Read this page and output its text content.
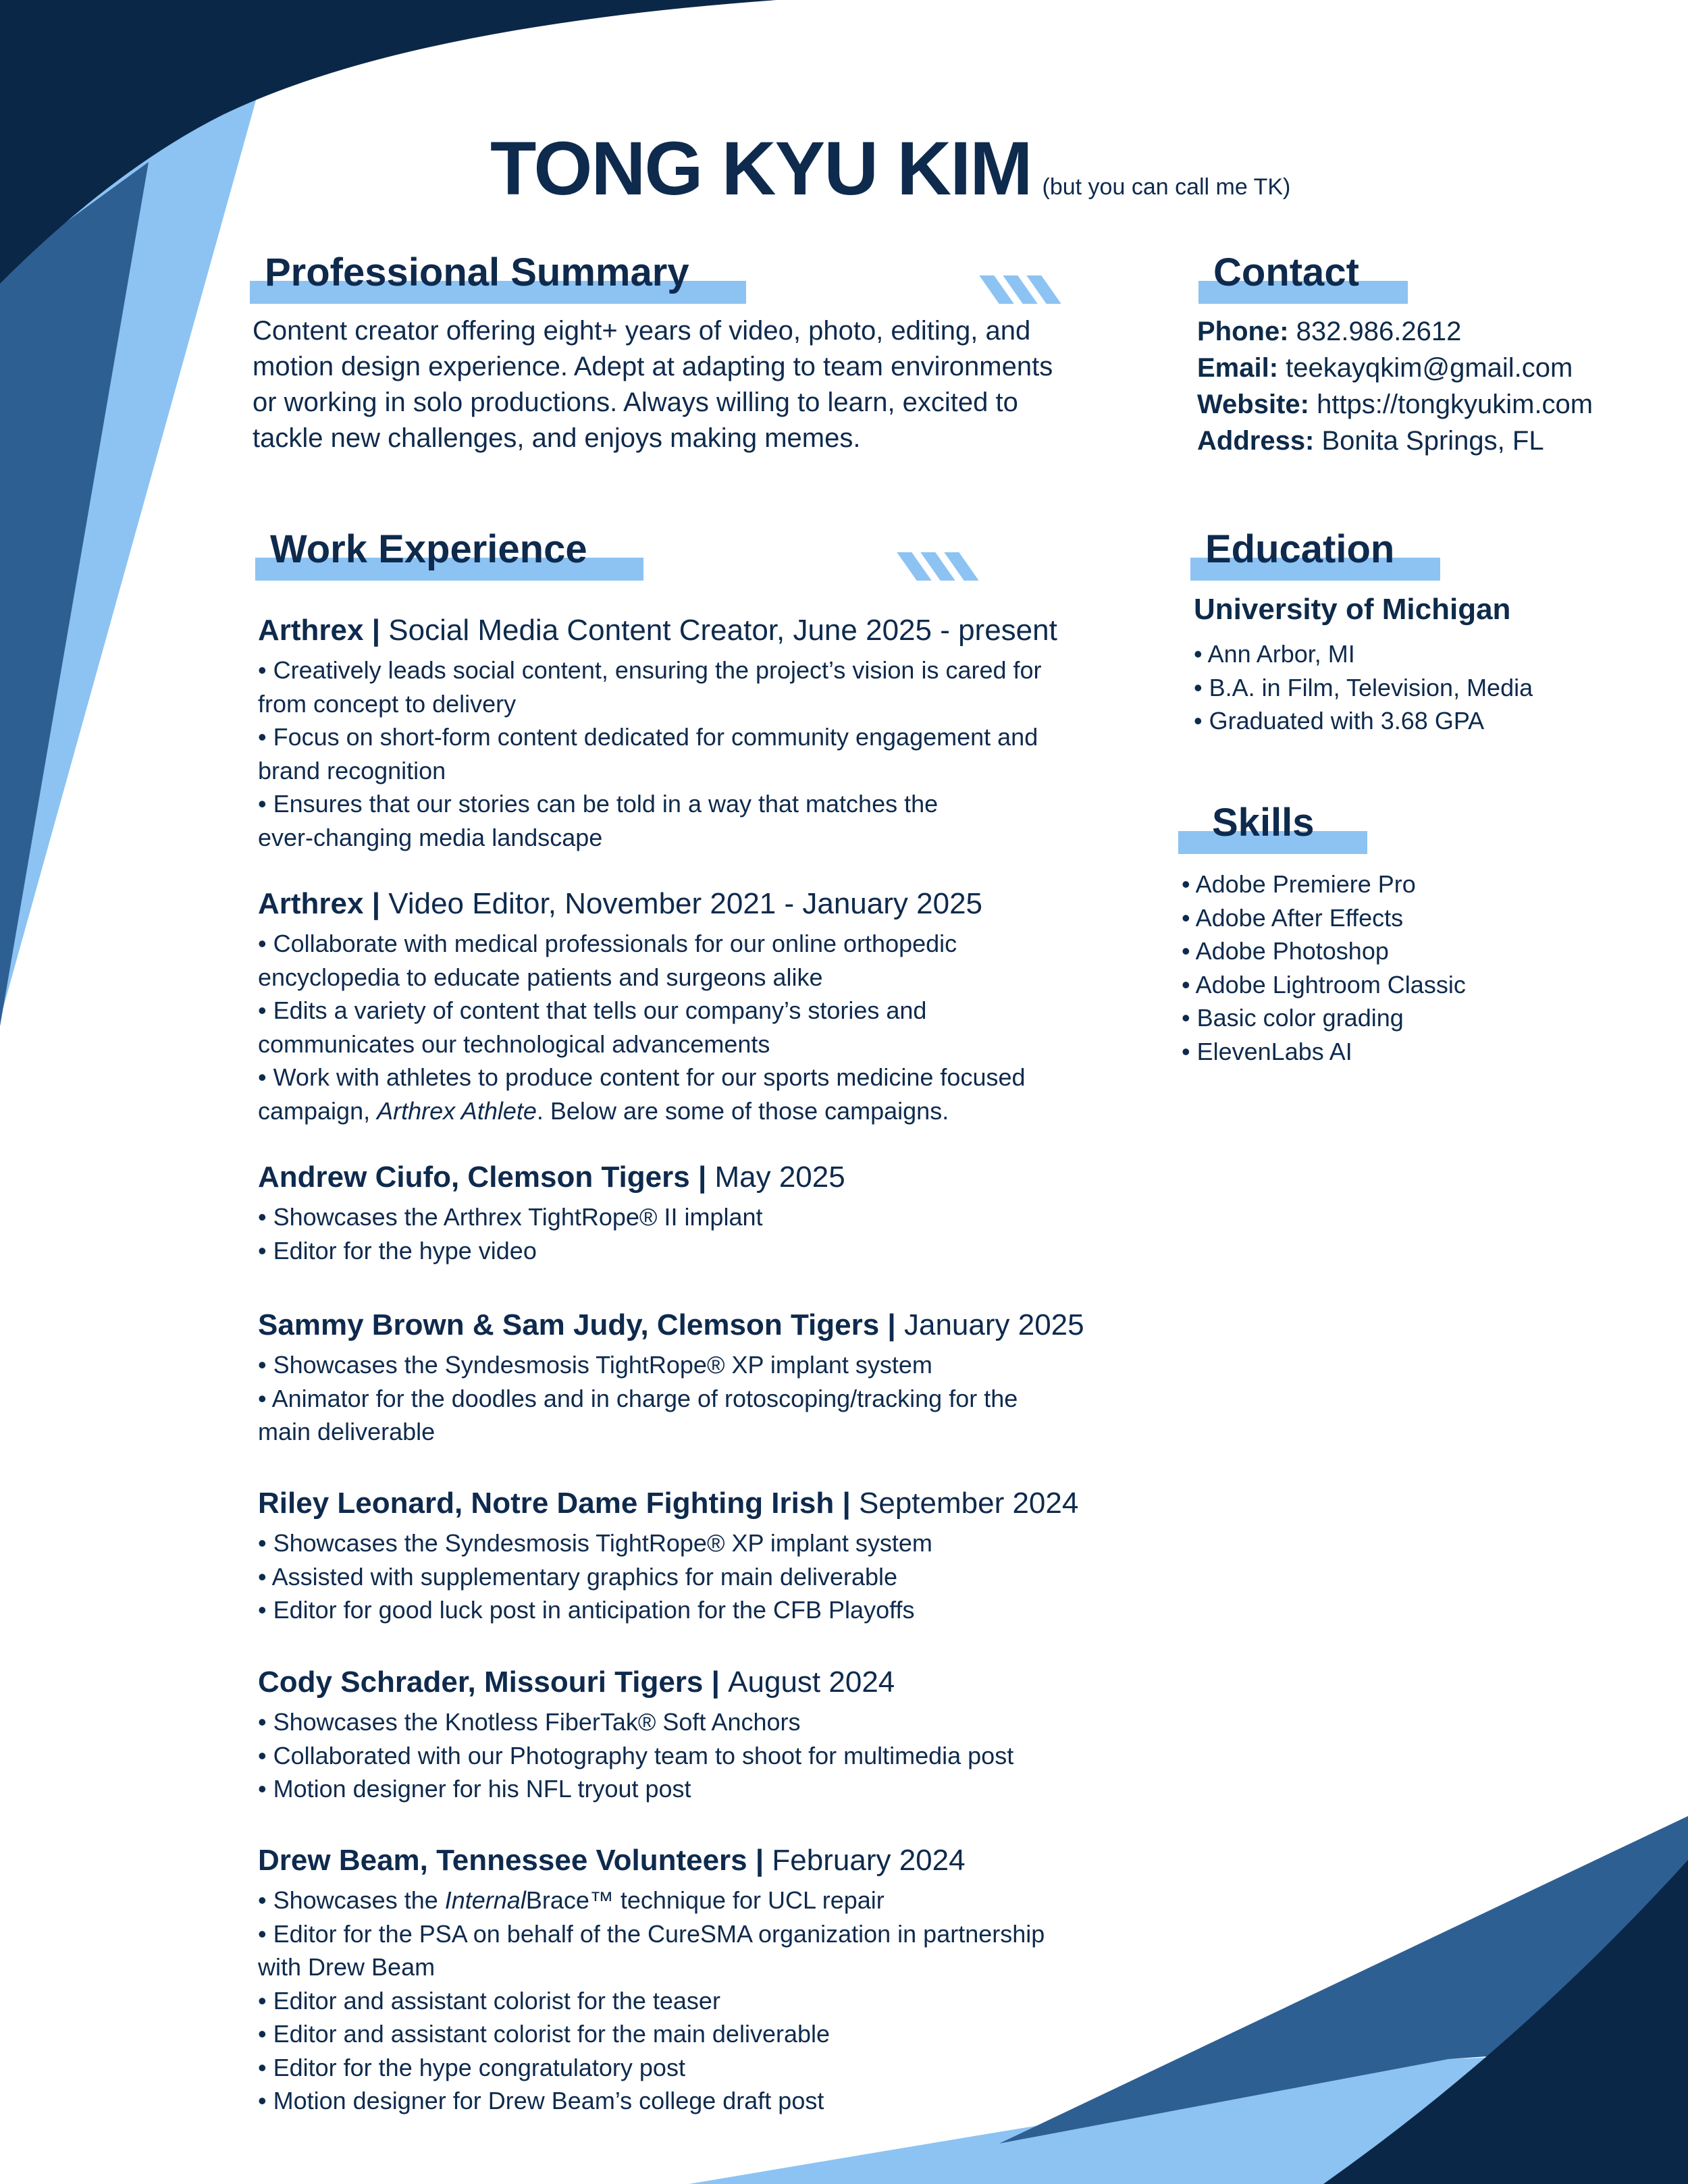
TONG KYU KIM (but you can call me TK)
Professional Summary
Content creator offering eight+ years of video, photo, editing, and
motion design experience. Adept at adapting to team environments
or working in solo productions. Always willing to learn, excited to
tackle new challenges, and enjoys making memes.
Contact
Phone: 832.986.2612
Email: teekayqkim@gmail.com
Website: https://tongkyukim.com
Address: Bonita Springs, FL
Work Experience
Arthrex | Social Media Content Creator, June 2025 - present
• Creatively leads social content, ensuring the project’s vision is cared for
from concept to delivery
• Focus on short-form content dedicated for community engagement and
brand recognition
• Ensures that our stories can be told in a way that matches the
ever-changing media landscape
Arthrex | Video Editor, November 2021 - January 2025
• Collaborate with medical professionals for our online orthopedic
encyclopedia to educate patients and surgeons alike
• Edits a variety of content that tells our company’s stories and
communicates our technological advancements
• Work with athletes to produce content for our sports medicine focused
campaign, Arthrex Athlete. Below are some of those campaigns.
Andrew Ciufo, Clemson Tigers | May 2025
• Showcases the Arthrex TightRope® II implant
• Editor for the hype video
Sammy Brown & Sam Judy, Clemson Tigers | January 2025
• Showcases the Syndesmosis TightRope® XP implant system
• Animator for the doodles and in charge of rotoscoping/tracking for the
main deliverable
Riley Leonard, Notre Dame Fighting Irish | September 2024
• Showcases the Syndesmosis TightRope® XP implant system
• Assisted with supplementary graphics for main deliverable
• Editor for good luck post in anticipation for the CFB Playoffs
Cody Schrader, Missouri Tigers | August 2024
• Showcases the Knotless FiberTak® Soft Anchors
• Collaborated with our Photography team to shoot for multimedia post
• Motion designer for his NFL tryout post
Drew Beam, Tennessee Volunteers | February 2024
• Showcases the InternalBrace™ technique for UCL repair
• Editor for the PSA on behalf of the CureSMA organization in partnership
with Drew Beam
• Editor and assistant colorist for the teaser
• Editor and assistant colorist for the main deliverable
• Editor for the hype congratulatory post
• Motion designer for Drew Beam’s college draft post
Education
University of Michigan
• Ann Arbor, MI
• B.A. in Film, Television, Media
• Graduated with 3.68 GPA
Skills
• Adobe Premiere Pro
• Adobe After Effects
• Adobe Photoshop
• Adobe Lightroom Classic
• Basic color grading
• ElevenLabs AI
